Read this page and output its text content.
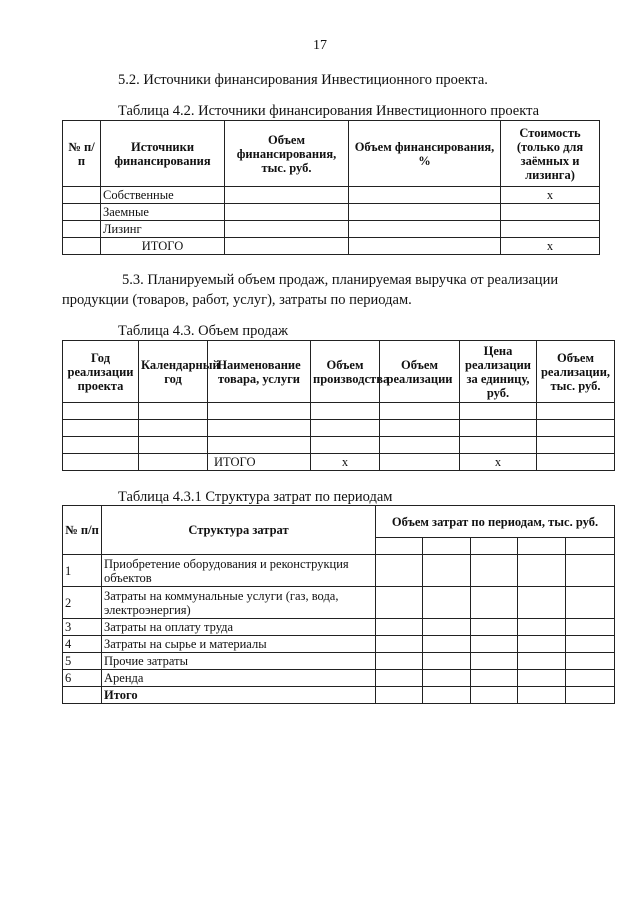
17
5.2. Источники финансирования Инвестиционного проекта.
Таблица 4.2. Источники финансирования Инвестиционного проекта
№ п/п	Источники финансирования	Объем финансирования, тыс. руб.	Объем финансирования, %	Стоимость (только для заёмных и лизинга)
	Собственные			x
	Заемные			
	Лизинг			
	ИТОГО			x
5.3. Планируемый объем продаж, планируемая выручка от реализации
продукции (товаров, работ, услуг), затраты по периодам.
Таблица 4.3. Объем продаж
Год реализации проекта	Календарный год	Наименование товара, услуги	Объем производства	Объем реализации	Цена реализации за единицу, руб.	Объем реализации, тыс. руб.

		ИТОГО	x		x	
Таблица 4.3.1 Структура затрат по периодам
№ п/п	Структура затрат	Объем затрат по периодам, тыс. руб.				

1	Приобретение оборудования и реконструкция объектов					
2	Затраты на коммунальные услуги (газ, вода, электроэнергия)					
3	Затраты на оплату труда					
4	Затраты на сырье и материалы					
5	Прочие затраты					
6	Аренда					
	Итого					
